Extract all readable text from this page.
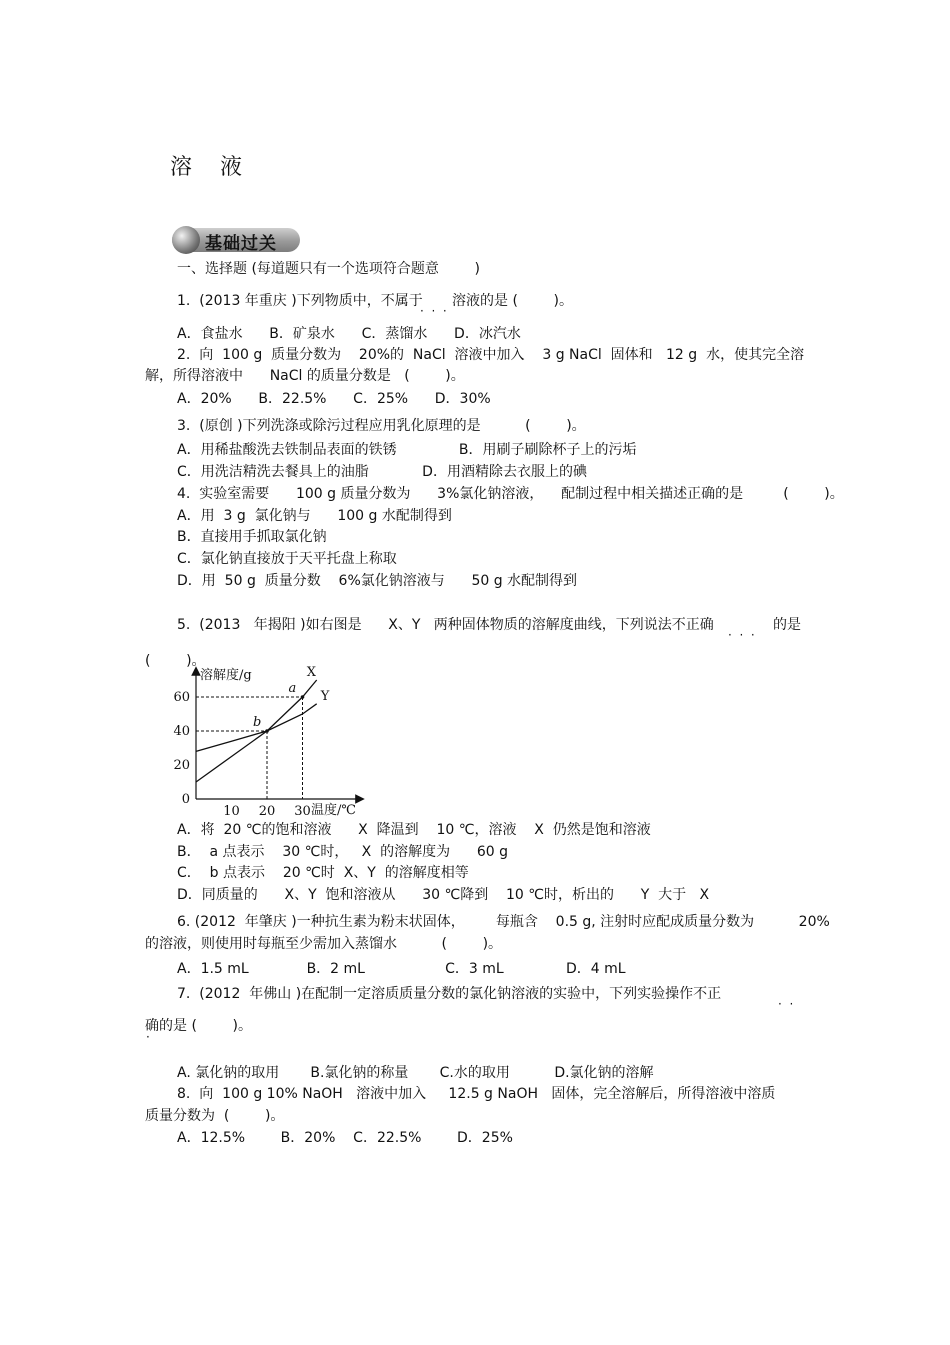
溶 液
基础过关
一、选择题 (每道题只有一个选项符合题意        )
1.  (2013 年重庆 )下列物质中，不属于
·  ·  ·
溶液的是 (        )。
A．食盐水      B．矿泉水      C．蒸馏水      D．冰汽水
2.  向  100 g  质量分数为    20%的  NaCl  溶液中加入    3 g NaCl  固体和   12 g  水，使其完全溶
解，所得溶液中      NaCl 的质量分数是   (        )。
A．20%      B．22.5%      C．25%      D．30%
3.  (原创 )下列洗涤或除污过程应用乳化原理的是          (        )。
A．用稀盐酸洗去铁制品表面的铁锈              B．用刷子刷除杯子上的污垢
C．用洗洁精洗去餐具上的油脂            D．用酒精除去衣服上的碘
4.  实验室需要      100 g 质量分数为      3%氯化钠溶液，    配制过程中相关描述正确的是         (        )。
A．用  3 g  氯化钠与      100 g 水配制得到
B．直接用手抓取氯化钠
C．氯化钠直接放于天平托盘上称取
D．用  50 g  质量分数    6%氯化钠溶液与      50 g 水配制得到
5.  (2013   年揭阳 )如右图是      X、Y   两种固体物质的溶解度曲线，下列说法不正确
·  ·  ·
的是
(        )。
溶解度/g
温度/℃
10 20 30
0
20
40
60
X
Y
a
b
A．将  20 ℃的饱和溶液      X  降温到    10 ℃，溶液    X  仍然是饱和溶液
B．  a 点表示    30 ℃时，   X  的溶解度为      60 g
C．  b 点表示    20 ℃时  X、Y  的溶解度相等
D．同质量的      X、Y  饱和溶液从      30 ℃降到    10 ℃时，析出的      Y  大于   X
6. (2012  年肇庆 )一种抗生素为粉末状固体，       每瓶含    0.5 g, 注射时应配成质量分数为          20%
的溶液，则使用时每瓶至少需加入蒸馏水          (        )。
A．1.5 mL             B．2 mL                  C．3 mL              D．4 mL
7.  (2012  年佛山 )在配制一定溶质质量分数的氯化钠溶液的实验中，下列实验操作不正
·  ·
确的是 (        )。
·
A. 氯化钠的取用       B.氯化钠的称量       C.水的取用          D.氯化钠的溶解
8.  向  100 g 10% NaOH   溶液中加入     12.5 g NaOH   固体，完全溶解后，所得溶液中溶质
质量分数为  (        )。
A．12.5%        B．20%    C．22.5%        D．25%
